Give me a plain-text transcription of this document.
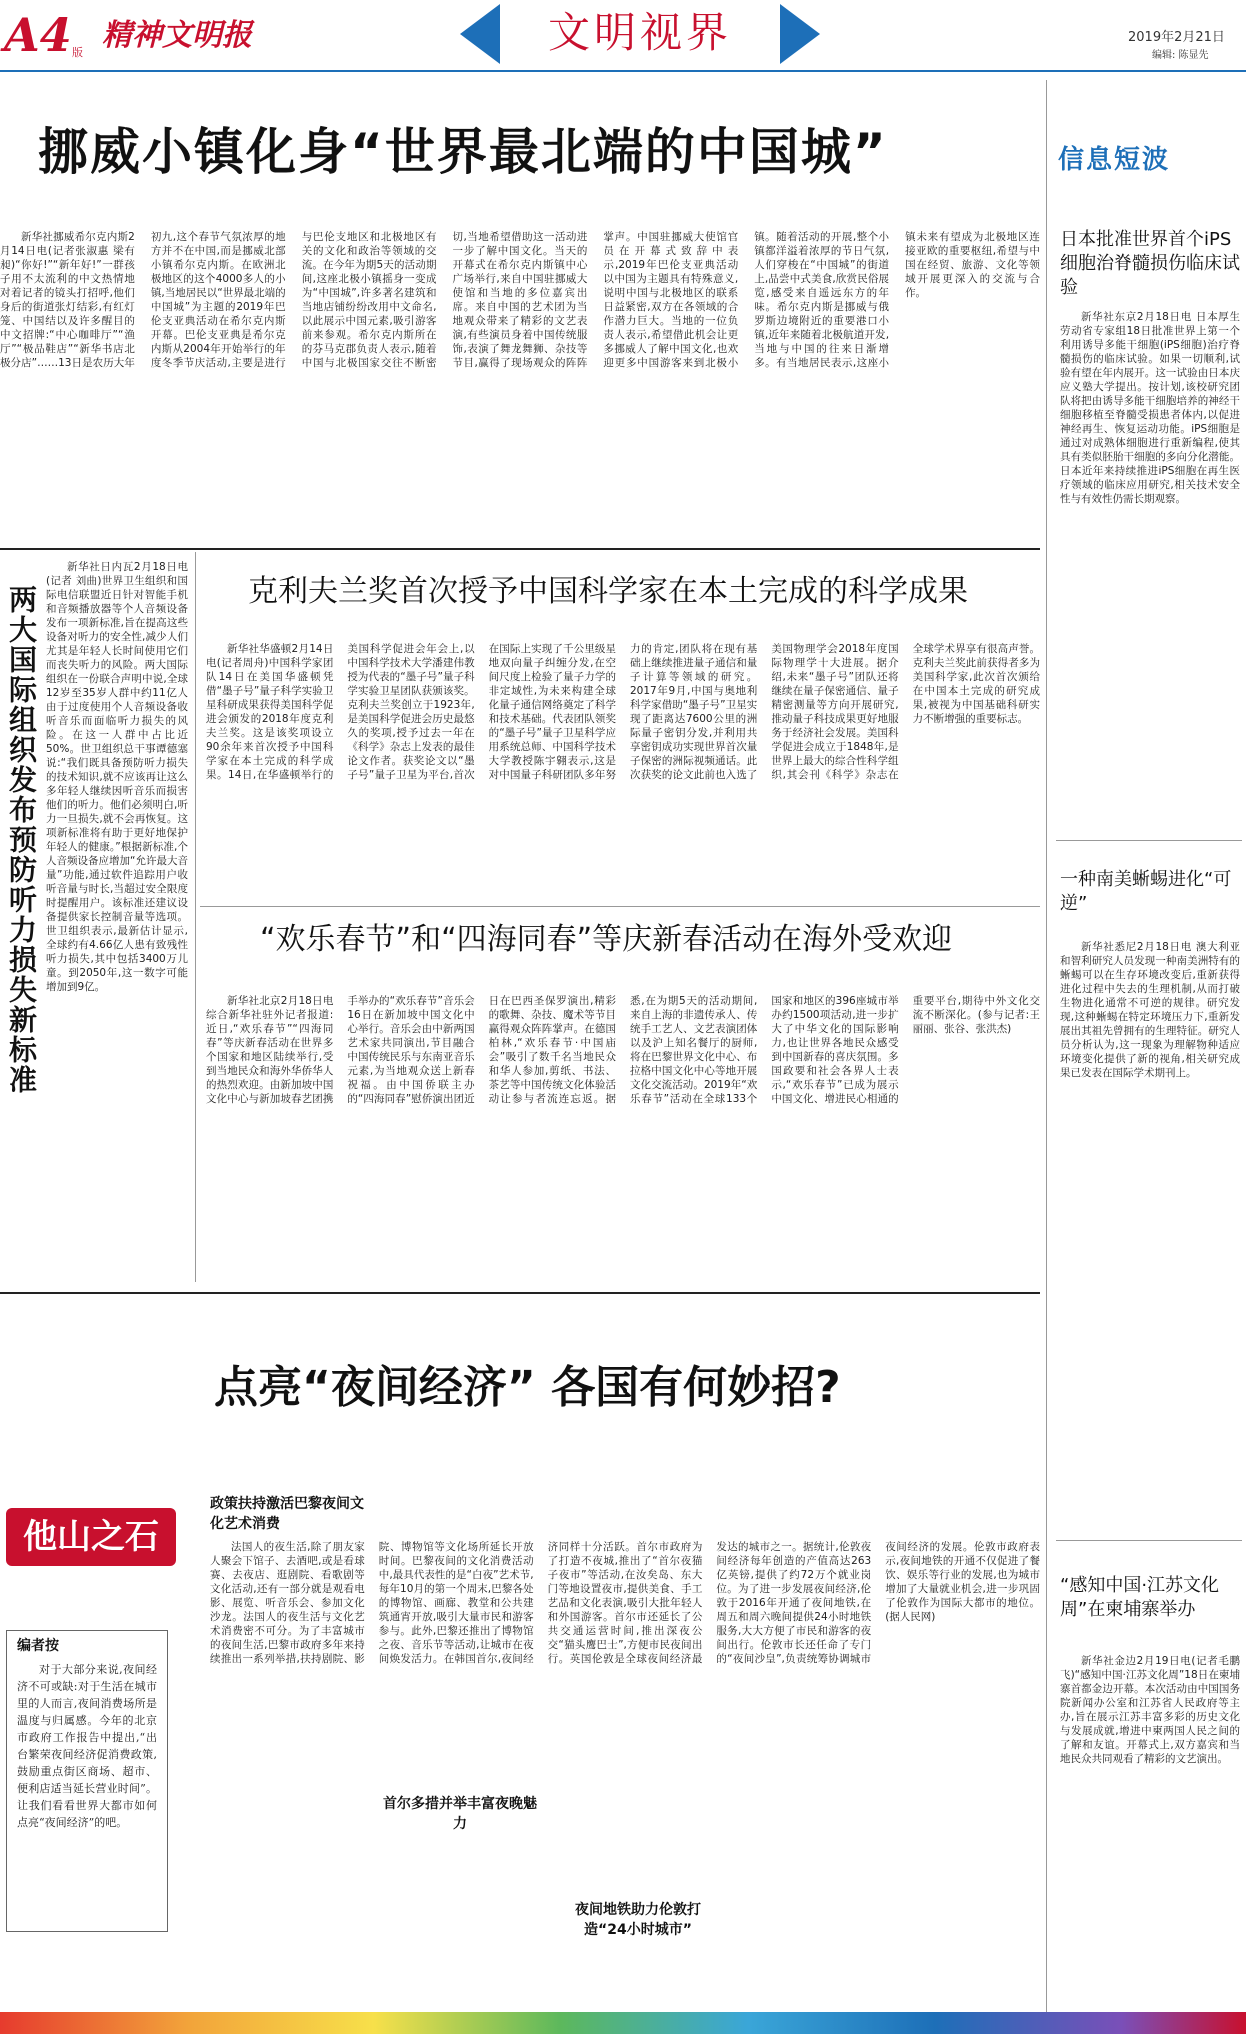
A4 版 精神文明报	文明视界	2019年2月21日
编辑: 陈显先
挪威小镇化身“世界最北端的中国城”
新华社挪威希尔克内斯2月14日电(记者张淑惠 梁有昶)“你好!”“新年好!”一群孩子用不太流利的中文热情地对着记者的镜头打招呼,他们身后的街道张灯结彩,有红灯笼、中国结以及许多醒目的中文招牌:“中心咖啡厅”“渔厅”“极品鞋店”“新华书店北极分店”……13日是农历大年初九,这个春节气氛浓厚的地方并不在中国,而是挪威北部小镇希尔克内斯。在欧洲北极地区的这个4000多人的小镇,当地居民以“世界最北端的中国城”为主题的2019年巴伦支亚典活动在希尔克内斯开幕。巴伦支亚典是希尔克内斯从2004年开始举行的年度冬季节庆活动,主要是进行与巴伦支地区和北极地区有关的文化和政治等领域的交流。在今年为期5天的活动期间,这座北极小镇摇身一变成为“中国城”,许多著名建筑和当地店铺纷纷改用中文命名,以此展示中国元素,吸引游客前来参观。希尔克内斯所在的芬马克郡负责人表示,随着中国与北极国家交往不断密切,当地希望借助这一活动进一步了解中国文化。当天的开幕式在希尔克内斯镇中心广场举行,来自中国驻挪威大使馆和当地的多位嘉宾出席。来自中国的艺术团为当地观众带来了精彩的文艺表演,有些演员身着中国传统服饰,表演了舞龙舞狮、杂技等节目,赢得了现场观众的阵阵掌声。中国驻挪威大使馆官员在开幕式致辞中表示,2019年巴伦支亚典活动以中国为主题具有特殊意义,说明中国与北极地区的联系日益紧密,双方在各领域的合作潜力巨大。当地的一位负责人表示,希望借此机会让更多挪威人了解中国文化,也欢迎更多中国游客来到北极小镇。随着活动的开展,整个小镇都洋溢着浓厚的节日气氛,人们穿梭在“中国城”的街道上,品尝中式美食,欣赏民俗展览,感受来自遥远东方的年味。希尔克内斯是挪威与俄罗斯边境附近的重要港口小镇,近年来随着北极航道开发,当地与中国的往来日渐增多。有当地居民表示,这座小镇未来有望成为北极地区连接亚欧的重要枢纽,希望与中国在经贸、旅游、文化等领域开展更深入的交流与合作。
两大国际组织发布预防听力损失新标准
新华社日内瓦2月18日电(记者 刘曲)世界卫生组织和国际电信联盟近日针对智能手机和音频播放器等个人音频设备发布一项新标准,旨在提高这些设备对听力的安全性,减少人们尤其是年轻人长时间使用它们而丧失听力的风险。两大国际组织在一份联合声明中说,全球12岁至35岁人群中约11亿人由于过度使用个人音频设备收听音乐而面临听力损失的风险。在这一人群中占比近50%。世卫组织总干事谭德塞说:“我们既具备预防听力损失的技术知识,就不应该再让这么多年轻人继续因听音乐而损害他们的听力。他们必须明白,听力一旦损失,就不会再恢复。这项新标准将有助于更好地保护年轻人的健康。”根据新标准,个人音频设备应增加“允许最大音量”功能,通过软件追踪用户收听音量与时长,当超过安全限度时提醒用户。该标准还建议设备提供家长控制音量等选项。世卫组织表示,最新估计显示,全球约有4.66亿人患有致残性听力损失,其中包括3400万儿童。到2050年,这一数字可能增加到9亿。
克利夫兰奖首次授予中国科学家在本土完成的科学成果
新华社华盛顿2月14日电(记者周舟)中国科学家团队14日在美国华盛顿凭借“墨子号”量子科学实验卫星科研成果获得美国科学促进会颁发的2018年度克利夫兰奖。这是该奖项设立90余年来首次授予中国科学家在本土完成的科学成果。14日,在华盛顿举行的美国科学促进会年会上,以中国科学技术大学潘建伟教授为代表的“墨子号”量子科学实验卫星团队获颁该奖。克利夫兰奖创立于1923年,是美国科学促进会历史最悠久的奖项,授予过去一年在《科学》杂志上发表的最佳论文作者。获奖论文以“墨子号”量子卫星为平台,首次在国际上实现了千公里级星地双向量子纠缠分发,在空间尺度上检验了量子力学的非定域性,为未来构建全球化量子通信网络奠定了科学和技术基础。代表团队领奖的“墨子号”量子卫星科学应用系统总师、中国科学技术大学教授陈宇翱表示,这是对中国量子科研团队多年努力的肯定,团队将在现有基础上继续推进量子通信和量子计算等领域的研究。2017年9月,中国与奥地利科学家借助“墨子号”卫星实现了距离达7600公里的洲际量子密钥分发,并利用共享密钥成功实现世界首次量子保密的洲际视频通话。此次获奖的论文此前也入选了美国物理学会2018年度国际物理学十大进展。据介绍,未来“墨子号”团队还将继续在量子保密通信、量子精密测量等方向开展研究,推动量子科技成果更好地服务于经济社会发展。美国科学促进会成立于1848年,是世界上最大的综合性科学组织,其会刊《科学》杂志在全球学术界享有很高声誉。克利夫兰奖此前获得者多为美国科学家,此次首次颁给在中国本土完成的研究成果,被视为中国基础科研实力不断增强的重要标志。
“欢乐春节”和“四海同春”等庆新春活动在海外受欢迎
新华社北京2月18日电 综合新华社驻外记者报道:近日,“欢乐春节”“四海同春”等庆新春活动在世界多个国家和地区陆续举行,受到当地民众和海外华侨华人的热烈欢迎。由新加坡中国文化中心与新加坡春艺团携手举办的“欢乐春节”音乐会16日在新加坡中国文化中心举行。音乐会由中新两国艺术家共同演出,节目融合中国传统民乐与东南亚音乐元素,为当地观众送上新春祝福。由中国侨联主办的“四海同春”慰侨演出团近日在巴西圣保罗演出,精彩的歌舞、杂技、魔术等节目赢得观众阵阵掌声。在德国柏林,“欢乐春节·中国庙会”吸引了数千名当地民众和华人参加,剪纸、书法、茶艺等中国传统文化体验活动让参与者流连忘返。据悉,在为期5天的活动期间,来自上海的非遗传承人、传统手工艺人、文艺表演团体以及沪上知名餐厅的厨师,将在巴黎世界文化中心、布拉格中国文化中心等地开展文化交流活动。2019年“欢乐春节”活动在全球133个国家和地区的396座城市举办约1500项活动,进一步扩大了中华文化的国际影响力,也让世界各地民众感受到中国新春的喜庆氛围。多国政要和社会各界人士表示,“欢乐春节”已成为展示中国文化、增进民心相通的重要平台,期待中外文化交流不断深化。(参与记者:王丽丽、张谷、张洪杰)
点亮“夜间经济” 各国有何妙招?
他山之石
编者按
对于大部分来说,夜间经济不可或缺:对于生活在城市里的人而言,夜间消费场所是温度与归属感。今年的北京市政府工作报告中提出,“出台繁荣夜间经济促消费政策,鼓励重点街区商场、超市、便利店适当延长营业时间”。让我们看看世界大都市如何点亮“夜间经济”的吧。
政策扶持激活巴黎夜间文化艺术消费
首尔多措并举丰富夜晚魅力
夜间地铁助力伦敦打造“24小时城市”
法国人的夜生活,除了朋友家人聚会下馆子、去酒吧,或是看球赛、去夜店、逛剧院、看歌剧等文化活动,还有一部分就是观看电影、展览、听音乐会、参加文化沙龙。法国人的夜生活与文化艺术消费密不可分。为了丰富城市的夜间生活,巴黎市政府多年来持续推出一系列举措,扶持剧院、影院、博物馆等文化场所延长开放时间。巴黎夜间的文化消费活动中,最具代表性的是“白夜”艺术节,每年10月的第一个周末,巴黎各处的博物馆、画廊、教堂和公共建筑通宵开放,吸引大量市民和游客参与。此外,巴黎还推出了博物馆之夜、音乐节等活动,让城市在夜间焕发活力。在韩国首尔,夜间经济同样十分活跃。首尔市政府为了打造不夜城,推出了“首尔夜猫子夜市”等活动,在汝矣岛、东大门等地设置夜市,提供美食、手工艺品和文化表演,吸引大批年轻人和外国游客。首尔市还延长了公共交通运营时间,推出深夜公交“猫头鹰巴士”,方便市民夜间出行。英国伦敦是全球夜间经济最发达的城市之一。据统计,伦敦夜间经济每年创造的产值高达263亿英镑,提供了约72万个就业岗位。为了进一步发展夜间经济,伦敦于2016年开通了夜间地铁,在周五和周六晚间提供24小时地铁服务,大大方便了市民和游客的夜间出行。伦敦市长还任命了专门的“夜间沙皇”,负责统筹协调城市夜间经济的发展。伦敦市政府表示,夜间地铁的开通不仅促进了餐饮、娱乐等行业的发展,也为城市增加了大量就业机会,进一步巩固了伦敦作为国际大都市的地位。(据人民网)
信息短波
日本批准世界首个iPS细胞治脊髓损伤临床试验
新华社东京2月18日电 日本厚生劳动省专家组18日批准世界上第一个利用诱导多能干细胞(iPS细胞)治疗脊髓损伤的临床试验。如果一切顺利,试验有望在年内展开。这一试验由日本庆应义塾大学提出。按计划,该校研究团队将把由诱导多能干细胞培养的神经干细胞移植至脊髓受损患者体内,以促进神经再生、恢复运动功能。iPS细胞是通过对成熟体细胞进行重新编程,使其具有类似胚胎干细胞的多向分化潜能。日本近年来持续推进iPS细胞在再生医疗领域的临床应用研究,相关技术安全性与有效性仍需长期观察。
一种南美蜥蜴进化“可逆”
新华社悉尼2月18日电 澳大利亚和智利研究人员发现一种南美洲特有的蜥蜴可以在生存环境改变后,重新获得进化过程中失去的生理机制,从而打破生物进化通常不可逆的规律。研究发现,这种蜥蜴在特定环境压力下,重新发展出其祖先曾拥有的生理特征。研究人员分析认为,这一现象为理解物种适应环境变化提供了新的视角,相关研究成果已发表在国际学术期刊上。
“感知中国·江苏文化周”在柬埔寨举办
新华社金边2月19日电(记者毛鹏飞)“感知中国·江苏文化周”18日在柬埔寨首都金边开幕。本次活动由中国国务院新闻办公室和江苏省人民政府等主办,旨在展示江苏丰富多彩的历史文化与发展成就,增进中柬两国人民之间的了解和友谊。开幕式上,双方嘉宾和当地民众共同观看了精彩的文艺演出。
